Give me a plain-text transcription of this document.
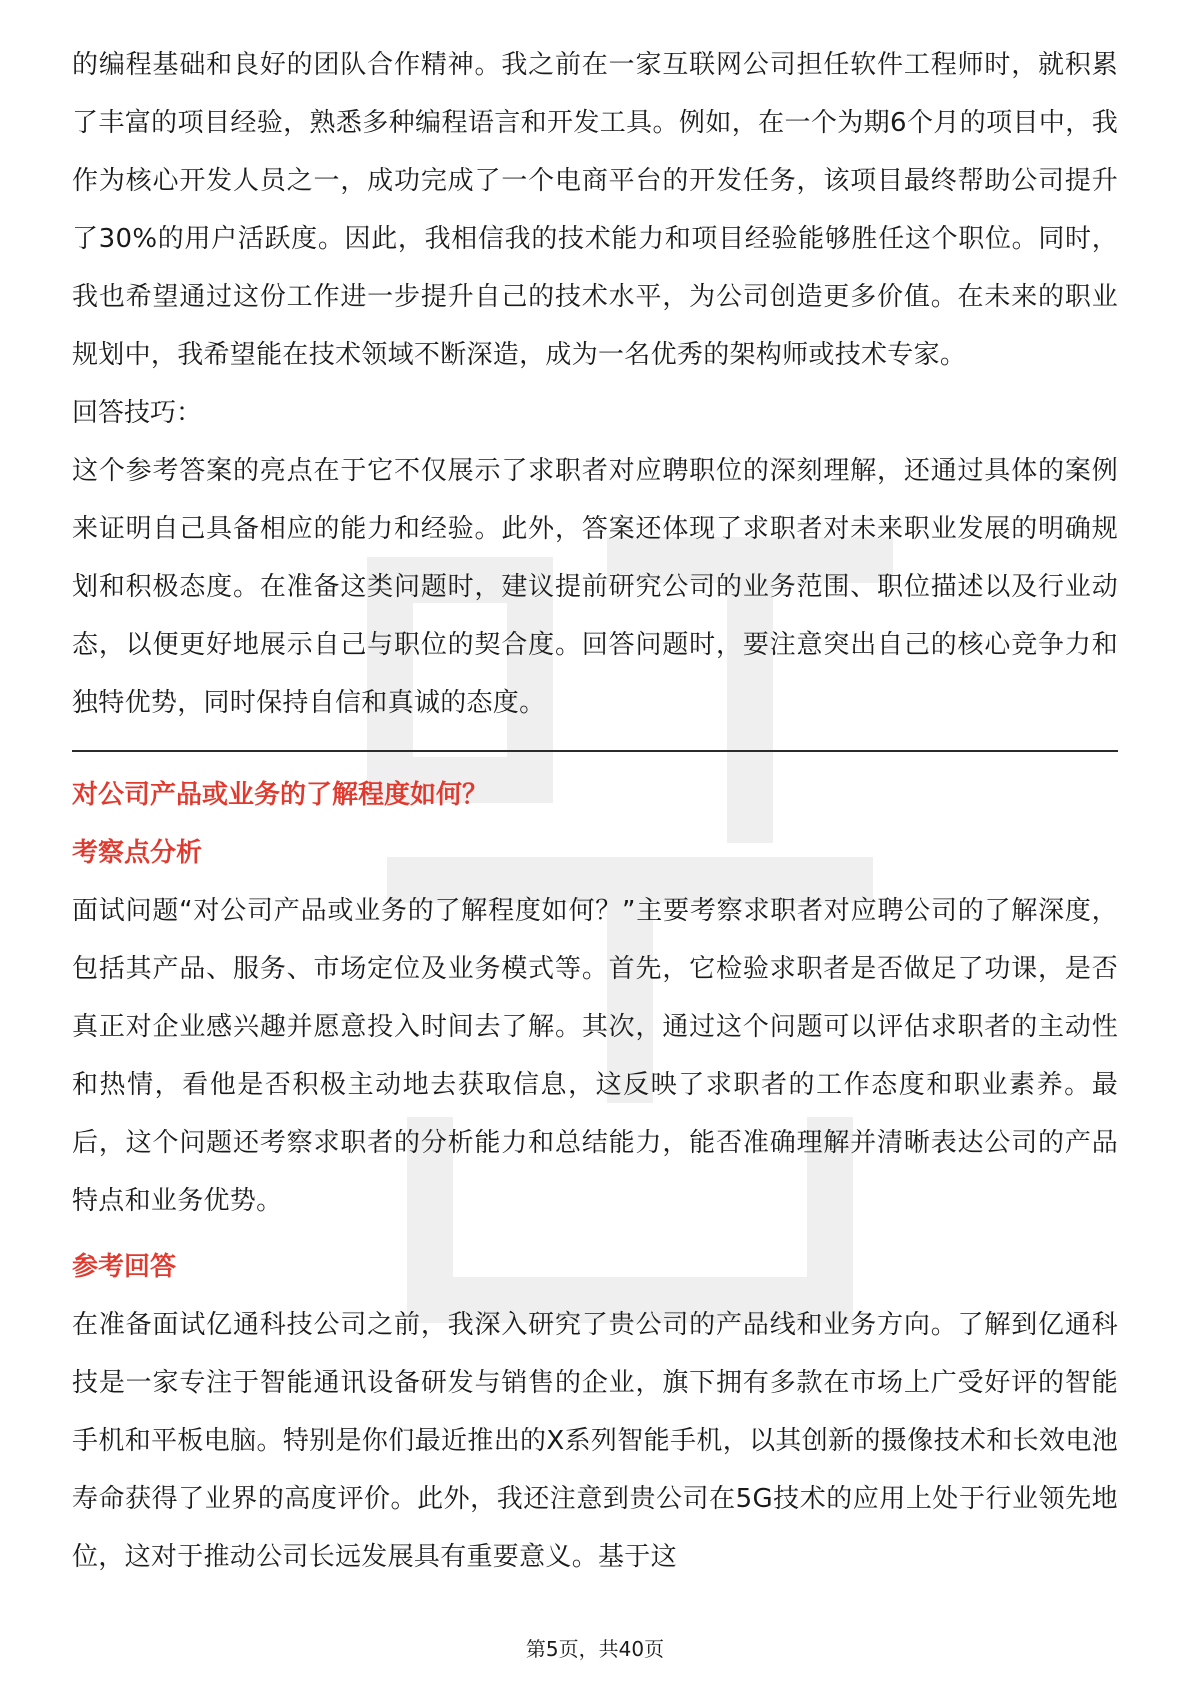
的编程基础和良好的团队合作精神。我之前在一家互联网公司担任软件工程师时，就积累了丰富的项目经验，熟悉多种编程语言和开发工具。例如，在一个为期6个月的项目中，我作为核心开发人员之一，成功完成了一个电商平台的开发任务，该项目最终帮助公司提升了30%的用户活跃度。因此，我相信我的技术能力和项目经验能够胜任这个职位。同时，我也希望通过这份工作进一步提升自己的技术水平，为公司创造更多价值。在未来的职业规划中，我希望能在技术领域不断深造，成为一名优秀的架构师或技术专家。

回答技巧：

这个参考答案的亮点在于它不仅展示了求职者对应聘职位的深刻理解，还通过具体的案例来证明自己具备相应的能力和经验。此外，答案还体现了求职者对未来职业发展的明确规划和积极态度。在准备这类问题时，建议提前研究公司的业务范围、职位描述以及行业动态，以便更好地展示自己与职位的契合度。回答问题时，要注意突出自己的核心竞争力和独特优势，同时保持自信和真诚的态度。

对公司产品或业务的了解程度如何？

考察点分析

面试问题“对公司产品或业务的了解程度如何？”主要考察求职者对应聘公司的了解深度，包括其产品、服务、市场定位及业务模式等。首先，它检验求职者是否做足了功课，是否真正对企业感兴趣并愿意投入时间去了解。其次，通过这个问题可以评估求职者的主动性和热情，看他是否积极主动地去获取信息，这反映了求职者的工作态度和职业素养。最后，这个问题还考察求职者的分析能力和总结能力，能否准确理解并清晰表达公司的产品特点和业务优势。

参考回答

在准备面试亿通科技公司之前，我深入研究了贵公司的产品线和业务方向。了解到亿通科技是一家专注于智能通讯设备研发与销售的企业，旗下拥有多款在市场上广受好评的智能手机和平板电脑。特别是你们最近推出的X系列智能手机，以其创新的摄像技术和长效电池寿命获得了业界的高度评价。此外，我还注意到贵公司在5G技术的应用上处于行业领先地位，这对于推动公司长远发展具有重要意义。基于这

第5页，共40页
